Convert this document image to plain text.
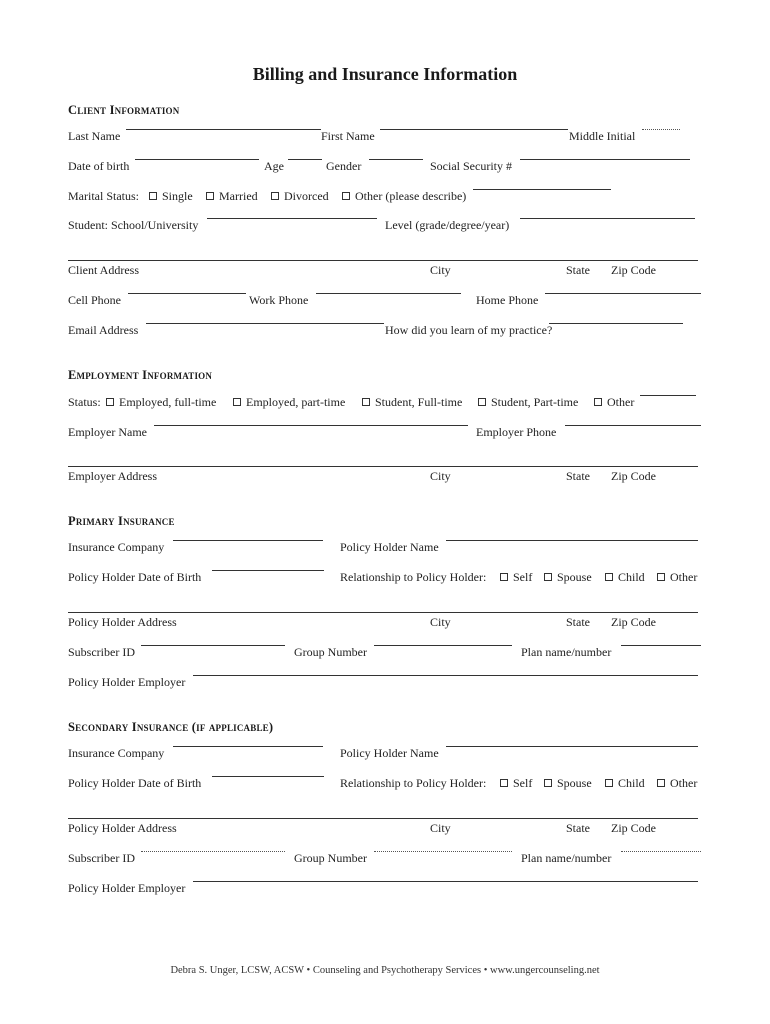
Billing and Insurance Information
Client Information
Last Name	First Name	Middle Initial
Date of birth	Age	Gender	Social Security #
Marital Status:	Single	Married	Divorced	Other (please describe)
Student: School/University	Level (grade/degree/year)
Client Address	City	State Zip Code
Cell Phone	Work Phone	Home Phone
Email Address	How did you learn of my practice?
Employment Information
Status:	Employed, full-time	Employed, part-time	Student, Full-time	Student, Part-time	Other
Employer Name	Employer Phone
Employer Address	City	State Zip Code
Primary Insurance
Insurance Company	Policy Holder Name
Policy Holder Date of Birth	Relationship to Policy Holder:	Self	Spouse	Child	Other
Policy Holder Address	City	State Zip Code
Subscriber ID	Group Number	Plan name/number
Policy Holder Employer
Secondary Insurance (if applicable)
Insurance Company	Policy Holder Name
Policy Holder Date of Birth	Relationship to Policy Holder:	Self	Spouse	Child	Other
Policy Holder Address	City	State Zip Code
Subscriber ID	Group Number	Plan name/number
Policy Holder Employer
Debra S. Unger, LCSW, ACSW • Counseling and Psychotherapy Services • www.ungercounseling.net
